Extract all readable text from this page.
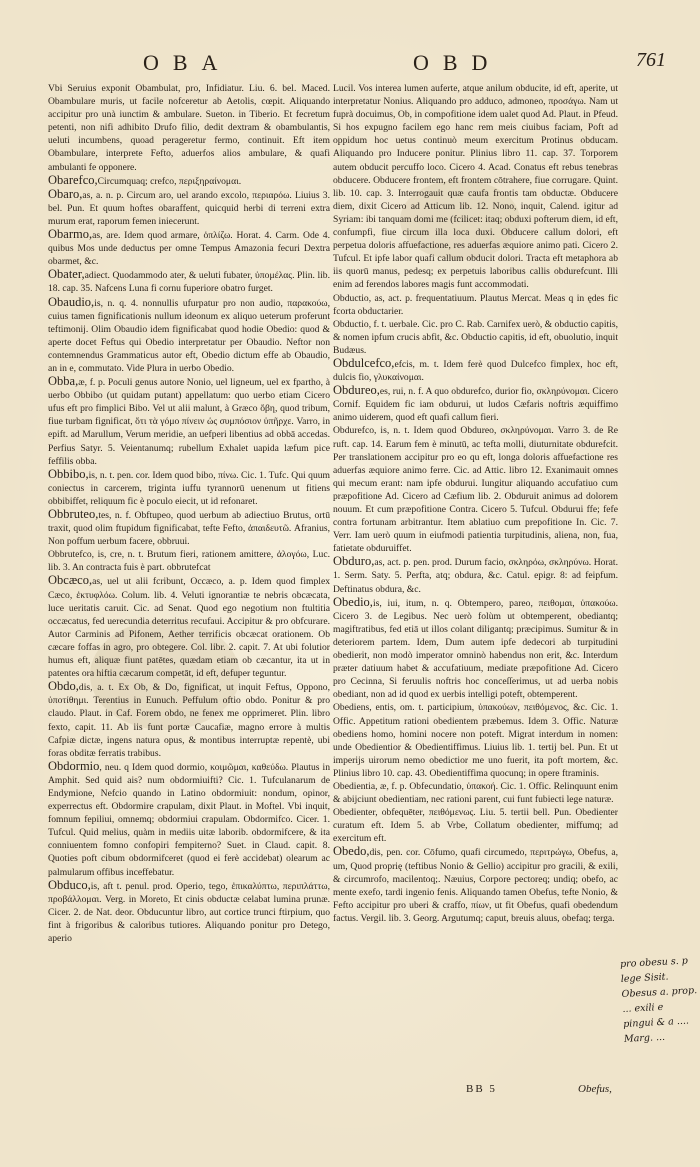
OBA	OBD	761
Vbi Seruius exponit Obambulat, pro, Infidiatur. Liu. 6. bel. Maced. Obambulare muris, ut facile nofceretur ab Aetolis, cœpit. Aliquando accipitur pro unà iunctim & ambulare. Sueton. in Tiberio. Et fecretum petenti, non nifi adhibito Drufo filio, dedit dextram & obambulantis, ueluti incumbens, quoad perageretur fermo, continuit. Eft item Obambulare, interprete Fefto, aduerfos alios ambulare, & quafi ambulanti fe opponere.
Obarefco,Circumquaq; crefco, περιξηραίνομαι.
Obaro,as, a. n. p. Circum aro, uel arando excolo, περιαρόω. Liuius 3. bel. Pun. Et quum hoftes obaraffent, quicquid herbi di terreni extra murum erat, raporum femen iniecerunt.
Obarmo,as, are. Idem quod armare, ὁπλίζω. Horat. 4. Carm. Ode 4. quibus Mos unde deductus per omne Tempus Amazonia fecuri Dextra obarmet, &c.
Obater,adiect. Quodammodo ater, & ueluti fubater, ὑπομέλας. Plin. lib. 18. cap. 35. Nafcens Luna fi cornu fuperiore obatro furget.
Obaudio,is, n. q. 4. nonnullis ufurpatur pro non audio, παρακούω, cuius tamen fignificationis nullum ideonum ex aliquo ueterum proferunt teftimonij. Olim Obaudio idem fignificabat quod hodie Obedio: quod & aperte docet Feftus qui Obedio interpretatur per Obaudio. Neftor non contemnendus Grammaticus autor eft, Obedio dictum effe ab Obaudio, an in e, commutato. Vide Plura in uerbo Obedio.
Obba,æ, f. p. Poculi genus autore Nonio, uel ligneum, uel ex fpartho, à uerbo Obbibo (ut quidam putant) appellatum: quo uerbo etiam Cicero ufus eft pro fimplici Bibo. Vel ut alii malunt, à Græco ὄβη, quod tribum, fiue turbam fignificat, ὅτι τὰ γόμο πίνειν ὡς συμπόσιον ὑπῆρχε. Varro, in epift. ad Marullum, Verum meridie, an uefperi libentius ad obbā accedas. Perfius Satyr. 5. Veientanumq; rubellum Exhalet uapida læfum pice feffilis obba.
Obbibo,is, n. t. pen. cor. Idem quod bibo, πίνω. Cic. 1. Tufc. Qui quum coniectus in carcerem, triginta iuffu tyrannorū uenenum ut fitiens obbibiffet, reliquum fic è poculo eiecit, ut id refonaret.
Obbruteo,tes, n. f. Obftupeo, quod uerbum ab adiectiuo Brutus, ortū traxit, quod olim ftupidum fignificabat, tefte Fefto, ἀπαιδευτῶ. Afranius, Non poffum uerbum facere, obbruui.
Obbrutefco, is, cre, n. t. Brutum fieri, rationem amittere, ἀλογόω, Luc. lib. 3. An contracta fuis è part. obbrutefcat
Obcæco,as, uel ut alii fcribunt, Occæco, a. p. Idem quod fimplex Cæco, ἐκτυφλόω. Colum. lib. 4. Veluti ignorantiæ te nebris obcæcata, luce ueritatis caruit. Cic. ad Senat. Quod ego negotium non ftultitia occæcatus, fed uerecundia deterritus recufaui. Accipitur & pro obfcurare. Autor Carminis ad Pifonem, Aether terrificis obcæcat orationem. Ob cæcare foffas in agro, pro obtegere. Col. libr. 2. capit. 7. At ubi folutior humus eft, aliquæ fiunt patētes, quædam etiam ob cæcantur, ita ut in patentes ora hiftia cæcarum competāt, id eft, defuper teguntur.
Obdo,dis, a. t. Ex Ob, & Do, fignificat, ut inquit Feftus, Oppono, ὑποτίθημι. Terentius in Eunuch. Peffulum oftio obdo. Ponitur & pro claudo. Plaut. in Caf. Forem obdo, ne fenex me opprimeret. Plin. libro fexto, capit. 11. Ab iis funt portæ Caucafiæ, magno errore à multis Cafpiæ dictæ, ingens natura opus, & montibus interruptæ repentè, ubi foras obditæ ferratis trabibus.
Obdormio, neu. q Idem quod dormio, κοιμῶμαι, καθεύδω. Plautus in Amphit. Sed quid ais? num obdormiuifti? Cic. 1. Tufculanarum de Endymione, Nefcio quando in Latino obdormiuit: nondum, opinor, experrectus eft. Obdormire crapulam, dixit Plaut. in Moftel. Vbi inquit, fomnum fepiliui, omnemq; obdormiui crapulam. Obdormifco. Cicer. 1. Tufcul. Quid melius, quàm in mediis uitæ laborib. obdormifcere, & ita conniuentem fomno confopiri fempiterno? Suet. in Claud. capit. 8. Quoties poft cibum obdormifceret (quod ei ferè accidebat) olearum ac palmularum offibus inceffebatur.
Obduco,is, aft t. penul. prod. Operio, tego, ἐπικαλύπτω, περιπλάττω, προβάλλομαι. Verg. in Moreto, Et cinis obductæ celabat lumina prunæ. Cicer. 2. de Nat. deor. Obducuntur libro, aut cortice trunci ftirpium, quo fint à frigoribus & caloribus tutiores. Aliquando ponitur pro Detego, aperio
Lucil. Vos interea lumen auferte, atque anilum obducite, id eft, aperite, ut interpretatur Nonius. Aliquando pro adduco, admoneo, προσάγω. Nam ut fuprà docuimus, Ob, in compofitione idem ualet quod Ad. Plaut. in Pfeud. Si hos expugno facilem ego hanc rem meis ciuibus faciam, Poft ad oppidum hoc uetus continuò meum exercitum Protinus obducam. Aliquando pro Inducere ponitur. Plinius libro 11. cap. 37. Torporem autem obducit percuffo loco. Cicero 4. Acad. Conatus eft rebus tenebras obducere. Obducere frontem, eft frontem cōtrahere, fiue corrugare. Quint. lib. 10. cap. 3. Interrogauit quæ caufa frontis tam obductæ. Obducere diem, dixit Cicero ad Atticum lib. 12. Nono, inquit, Calend. igitur ad Syriam: ibi tanquam domi me (fcilicet: itaq; obduxi pofterum diem, id eft, confumpfi, fiue circum illa loca duxi. Obducere callum dolori, eft perpetua doloris affuefactione, res aduerfas æquiore animo pati. Cicero 2. Tufcul. Et ipfe labor quafi callum obducit dolori. Tracta eft metaphora ab iis quorū manus, pedesq; ex perpetuis laboribus callis obdurefcunt. Illi enim ad ferendos labores magis funt accommodati.
Obductio, as, act. p. frequentatiuum. Plautus Mercat. Meas q in ędes fic fcorta obductarier.
Obductio, f. t. uerbale. Cic. pro C. Rab. Carnifex uerò, & obductio capitis, & nomen ipfum crucis abfit, &c. Obductio capitis, id eft, obuolutio, inquit Budæus.
Obdulcefco,efcis, m. t. Idem ferè quod Dulcefco fimplex, hoc eft, dulcis fio, γλυκαίνομαι.
Obdureo,es, rui, n. f. A quo obdurefco, durior fio, σκληρύνομαι. Cicero Cornif. Equidem fic iam obdurui, ut ludos Cæfaris noftris æquiffimo animo uiderem, quod eft quafi callum fieri.
Obdurefco, is, n. t. Idem quod Obdureo, σκληρύνομαι. Varro 3. de Re ruft. cap. 14. Earum fem è minutū, ac tefta molli, diuturnitate obdurefcit. Per translationem accipitur pro eo qu eft, longa doloris affuefactione res aduerfas æquiore animo ferre. Cic. ad Attic. libro 12. Exanimauit omnes qui mecum erant: nam ipfe obdurui. Iungitur aliquando accufatiuo cum præpofitione Ad. Cicero ad Cæfium lib. 2. Obduruit animus ad dolorem nouum. Et cum præpofitione Contra. Cicero 5. Tufcul. Obdurui ffe; fefe contra fortunam arbitrantur. Item ablatiuo cum prepofitione In. Cic. 7. Verr. Iam uerò quum in eiufmodi patientia turpitudinis, aliena, non, fua, fatietate obduruiffet.
Obduro,as, act. p. pen. prod. Durum facio, σκληρόω, σκληρύνω. Horat. 1. Serm. Saty. 5. Perfta, atq; obdura, &c. Catul. epigr. 8: ad feipfum. Deftinatus obdura, &c.
Obedio,is, iui, itum, n. q. Obtempero, pareo, πειθομαι, ὑπακούω. Cicero 3. de Legibus. Nec uerò folùm ut obtemperent, obediantq; magiftratibus, fed etiā ut illos colant diligantq; præcipimus. Sumitur & in deteriorem partem. Idem, Dum autem ipfe dedecori ab turpitudini obedierit, non modò imperator omninò habendus non erit, &c. Interdum præter datiuum habet & accufatiuum, mediate præpofitione Ad. Cicero pro Cecinna, Si feruulis noftris hoc conceſſerimus, ut ad uerba nobis obediant, non ad id quod ex uerbis intelligi poteft, obtemperent.
Obediens, entis, om. t. participium, ὑπακούων, πειθόμενος, &c. Cic. 1. Offic. Appetitum rationi obedientem præbemus. Idem 3. Offic. Naturæ obediens homo, homini nocere non poteft. Migrat interdum in nomen: unde Obedientior & Obedientiffimus. Liuius lib. 1. tertij bel. Pun. Et ut imperijs uirorum nemo obedictior me uno fuerit, ita poft mortem, &c. Plinius libro 10. cap. 43. Obedientiffima quocunq; in opere ftraminis.
Obedientia, æ, f. p. Obfecundatio, ὑπακοή. Cic. 1. Offic. Relinquunt enim & abijciunt obedientiam, nec rationi parent, cui funt fubiecti lege naturæ.
Obedienter, obfequēter, πειθόμενως. Liu. 5. tertii bell. Pun. Obedienter curatum eft. Idem 5. ab Vrbe, Collatum obedienter, miffumq; ad exercitum eft.
Obedo,dis, pen. cor. Cōfumo, quafi circumedo, περιτρώγω, Obefus, a, um, Quod proprię (teftibus Nonio & Gellio) accipitur pro gracili, & exili, & circumrofo, macilentoq;. Næuius, Corpore pectoreq; undiq; obefo, ac mente exefo, tardi ingenio fenis. Aliquando tamen Obefus, tefte Nonio, & Fefto accipitur pro uberi & craffo, πίων, ut fit Obefus, quafi obedendum factus. Vergil. lib. 3. Georg. Argutumq; caput, breuis aluus, obefaq; terga.
BB 5	Obefus,
pro obesu s. p
lege Sisit.
Obesus a. prop.
... exili e
pingui & a ....
Marg. ...
